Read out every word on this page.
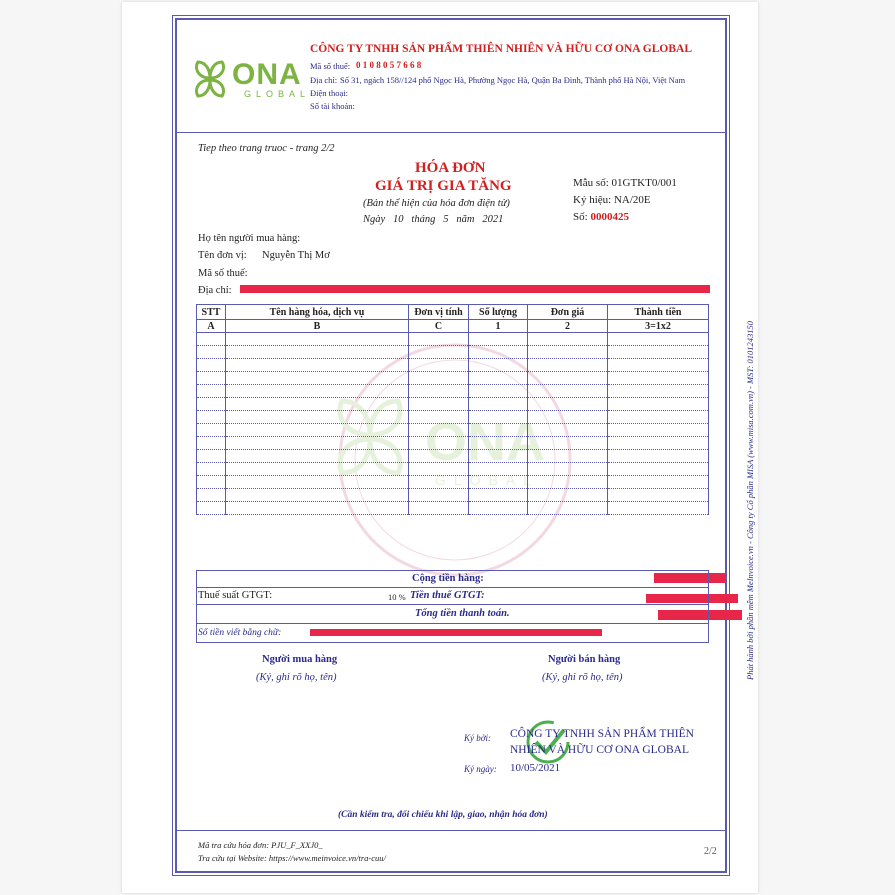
ONA
GLOBAL
CÔNG TY TNHH SẢN PHẨM THIÊN NHIÊN VÀ HỮU CƠ ONA GLOBAL
Mã số thuế: 0 1 0 8 0 5 7 6 6 8
Địa chỉ: Số 31, ngách 158//124 phố Ngọc Hà, Phường Ngọc Hà, Quận Ba Đình, Thành phố Hà Nội, Việt Nam
Điện thoại:
Số tài khoản:
Tiep theo trang truoc - trang 2/2
HÓA ĐƠN
GIÁ TRỊ GIA TĂNG
(Bản thể hiện của hóa đơn điện tử)
Ngày 10 tháng 5 năm 2021
Mẫu số: 01GTKT0/001
Ký hiệu: NA/20E
Số: 0000425
Họ tên người mua hàng:
Tên đơn vị: Nguyễn Thị Mơ
Mã số thuế:
Địa chỉ:
ONA
GLOBAL
STT	Tên hàng hóa, dịch vụ	Đơn vị tính	Số lượng	Đơn giá	Thành tiền
A	B	C	1	2	3=1x2

Cộng tiền hàng:
Thuế suất GTGT:	10 % Tiền thuế GTGT:
Tổng tiền thanh toán.
Số tiền viết bằng chữ:
Người mua hàng
(Ký, ghi rõ họ, tên)
Người bán hàng
(Ký, ghi rõ họ, tên)
Ký bởi: CÔNG TY TNHH SẢN PHẨM THIÊN
NHIÊN VÀ HỮU CƠ ONA GLOBAL
Ký ngày: 10/05/2021
(Cần kiểm tra, đối chiếu khi lập, giao, nhận hóa đơn)
Mã tra cứu hóa đơn: PJU_F_XXJ0_
Tra cứu tại Website: https://www.meinvoice.vn/tra-cuu/
2/2
Phát hành bởi phần mềm MeInvoice.vn - Công ty Cổ phần MISA (www.misa.com.vn) - MST: 0101243150
